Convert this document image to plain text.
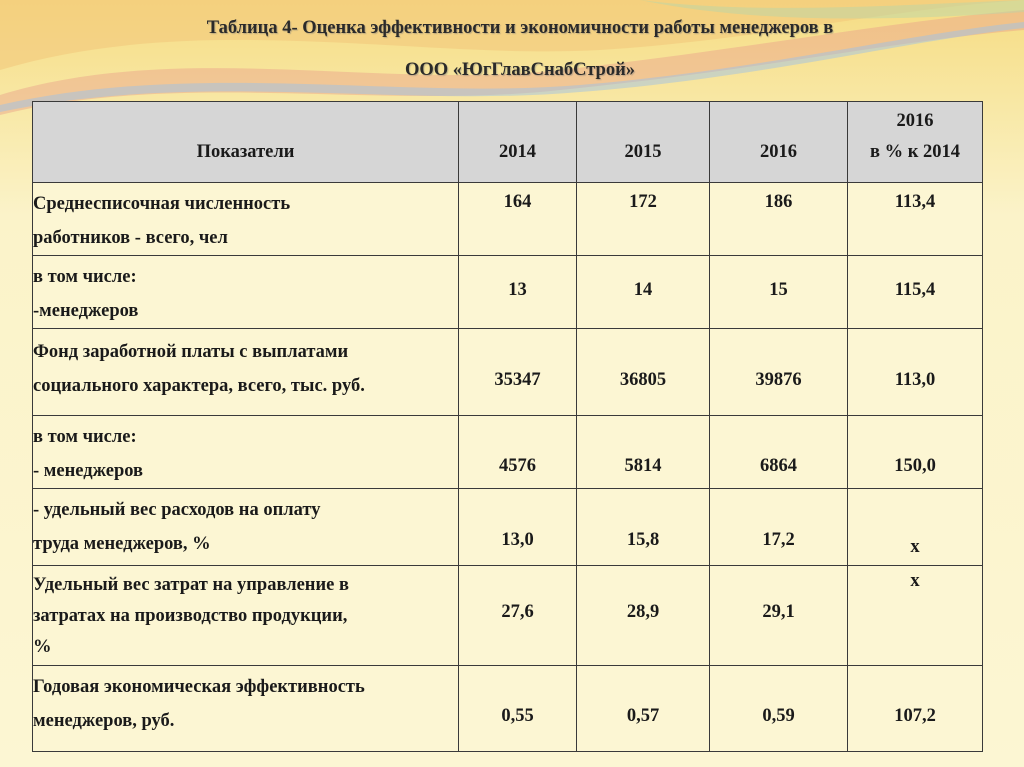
Таблица 4- Оценка эффективности и экономичности работы менеджеров в
ООО «ЮгГлавСнабСтрой»
Показатели	2014	2015	2016	2016
в % к 2014

Среднесписочная численность
работников - всего, чел	164	172	186	113,4

в том числе:
-менеджеров	13	14	15	115,4

Фонд заработной платы с выплатами
социального характера, всего, тыс. руб.	35347	36805	39876	113,0

в том числе:
- менеджеров	4576	5814	6864	150,0

- удельный вес расходов на оплату
труда менеджеров, %	13,0	15,8	17,2	х

Удельный вес затрат на управление в
затратах на производство продукции,
%	27,6	28,9	29,1	х

Годовая экономическая эффективность
менеджеров, руб.	0,55	0,57	0,59	107,2
